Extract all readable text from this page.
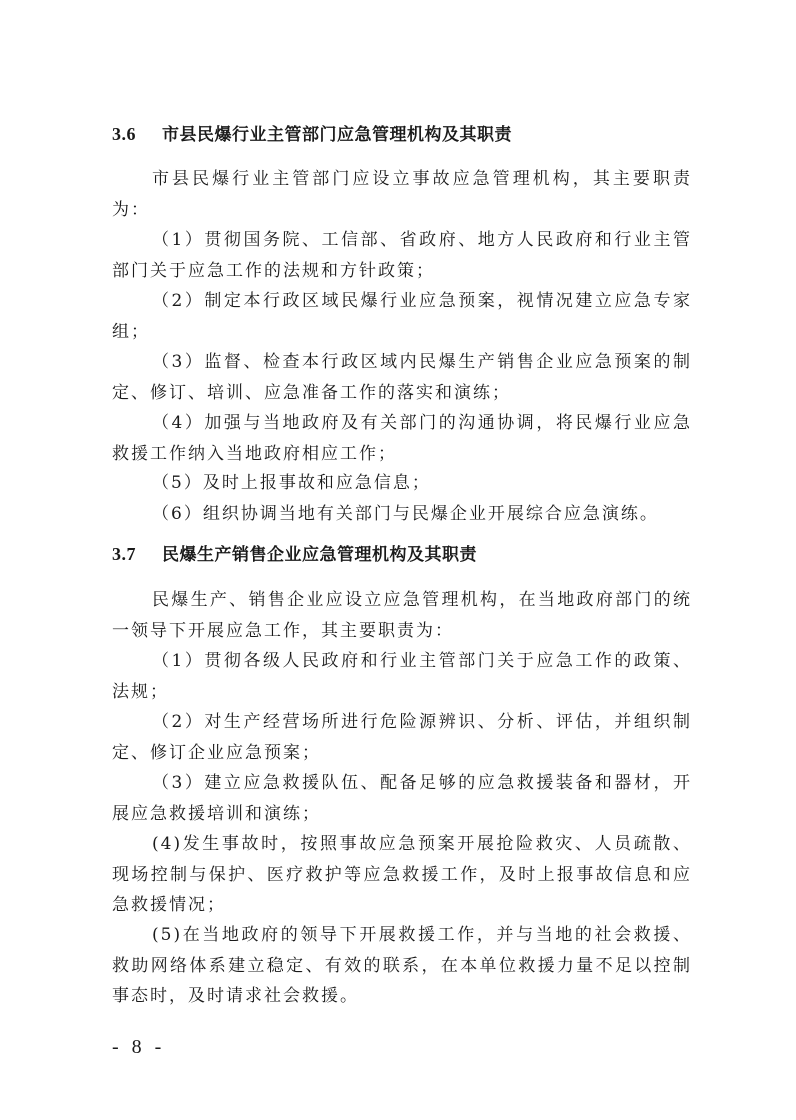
3.6 市县民爆行业主管部门应急管理机构及其职责

市县民爆行业主管部门应设立事故应急管理机构，其主要职责为：

（1）贯彻国务院、工信部、省政府、地方人民政府和行业主管部门关于应急工作的法规和方针政策；

（2）制定本行政区域民爆行业应急预案，视情况建立应急专家组；

（3）监督、检查本行政区域内民爆生产销售企业应急预案的制定、修订、培训、应急准备工作的落实和演练；

（4）加强与当地政府及有关部门的沟通协调，将民爆行业应急救援工作纳入当地政府相应工作；

（5）及时上报事故和应急信息；

（6）组织协调当地有关部门与民爆企业开展综合应急演练。

3.7 民爆生产销售企业应急管理机构及其职责

民爆生产、销售企业应设立应急管理机构，在当地政府部门的统一领导下开展应急工作，其主要职责为：

（1）贯彻各级人民政府和行业主管部门关于应急工作的政策、法规；

（2）对生产经营场所进行危险源辨识、分析、评估，并组织制定、修订企业应急预案；

（3）建立应急救援队伍、配备足够的应急救援装备和器材，开展应急救援培训和演练；

(4)发生事故时，按照事故应急预案开展抢险救灾、人员疏散、现场控制与保护、医疗救护等应急救援工作，及时上报事故信息和应急救援情况；

(5)在当地政府的领导下开展救援工作，并与当地的社会救援、救助网络体系建立稳定、有效的联系，在本单位救援力量不足以控制事态时，及时请求社会救援。

- 8 -
